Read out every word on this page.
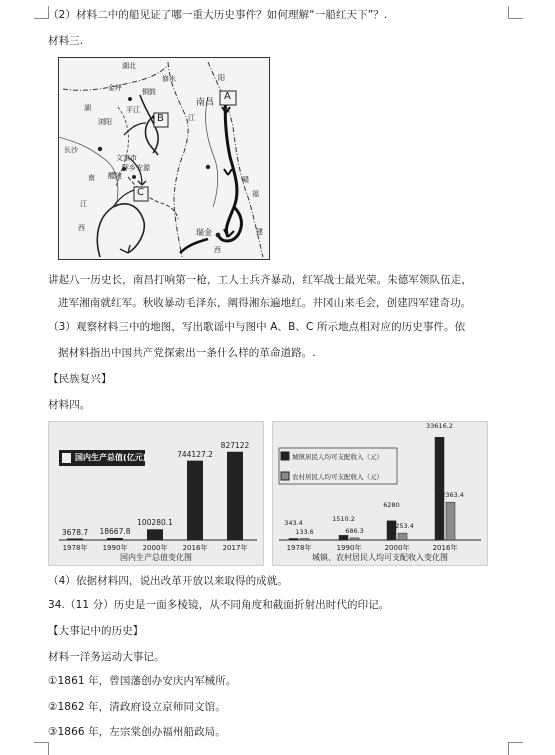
（2）材料二中的船见证了哪一重大历史事件？如何理解“一船红天下”？.
材料三.
A
B
C
湖北
修水
铜鼓
金坪
平江
浏阳
长沙
文家市
醴陵
萍乡安源
湖
南
江
西
南昌
江
瑞金
福
建
赣
西
阳
讲起八一历史长，南昌打响第一枪，工人士兵齐暴动，红军战士最光荣。朱德军领队伍走，
进军湘南就红军。秋收暴动毛泽东，阐得湘东遍地红。井冈山来毛会，创建四军建奇功。
（3）观察材料三中的地图，写出歌谣中与图中 A、B、C 所示地点相对应的历史事件。依
据材料指出中国共产党探索出一条什么样的革命道路。.
【民族复兴】
材料四。
国内生产总值(亿元)
国内生产总值变化图
3678.7
1978年
18667.8
1990年
100280.1
2000年
744127.2
2016年
827122
2017年
城镇居民人均可支配收入（元）
农村居民人均可支配收入（元）
城镇、农村居民人均可支配收入变化图
343.4
133.6
1978年
1510.2
686.3
1990年
6280
2253.4
2000年
33616.2
12363.4
2016年
（4）依据材料四，说出改革开放以来取得的成就。
34.（11 分）历史是一面多棱镜，从不同角度和截面折射出时代的印记。
【大事记中的历史】
材料一洋务运动大事记。
①1861 年，曾国藩创办安庆内军械所。
②1862 年，清政府设立京师同文馆。
③1866 年，左宗棠创办福州船政局。
